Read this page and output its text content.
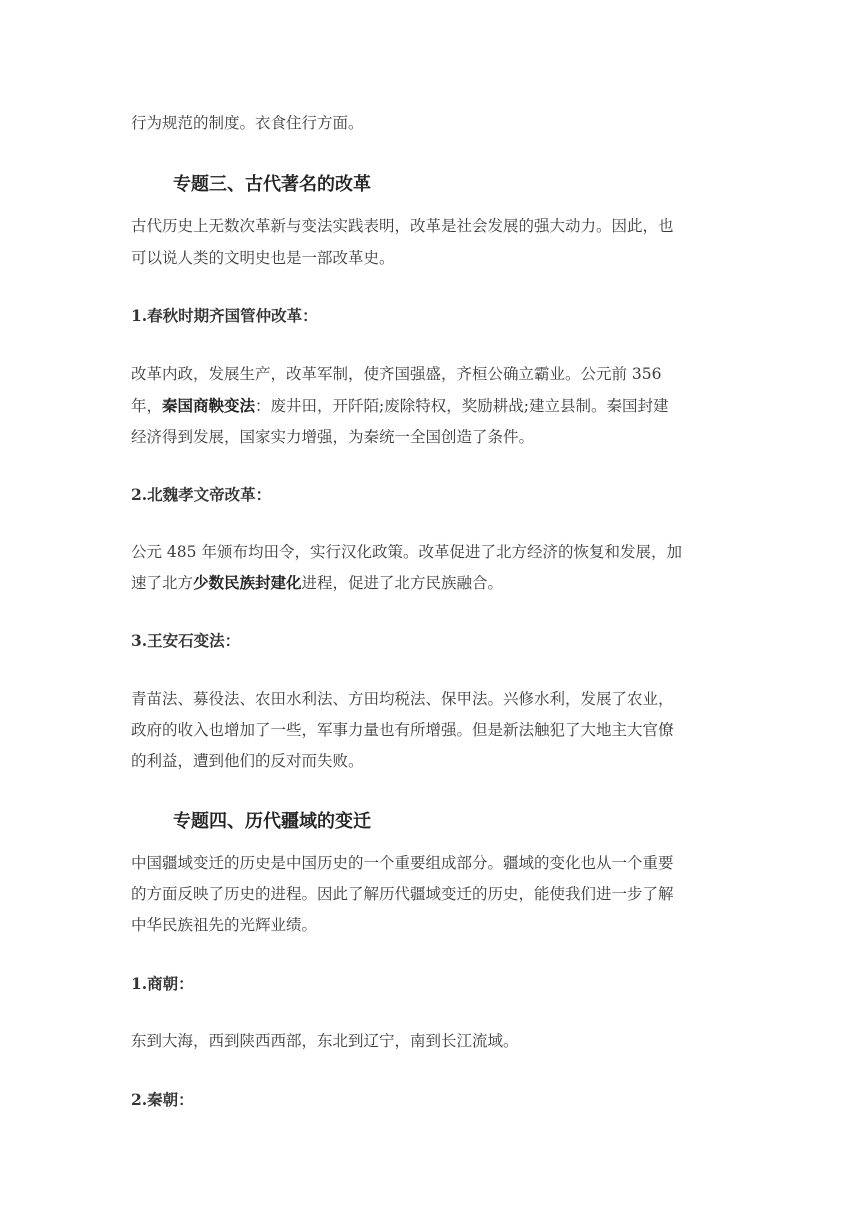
行为规范的制度。衣食住行方面。
专题三、古代著名的改革
古代历史上无数次革新与变法实践表明，改革是社会发展的强大动力。因此，也
可以说人类的文明史也是一部改革史。
1.春秋时期齐国管仲改革：
改革内政，发展生产，改革军制，使齐国强盛，齐桓公确立霸业。公元前 356
年，秦国商鞅变法：废井田，开阡陌;废除特权，奖励耕战;建立县制。秦国封建
经济得到发展，国家实力增强，为秦统一全国创造了条件。
2.北魏孝文帝改革：
公元 485 年颁布均田令，实行汉化政策。改革促进了北方经济的恢复和发展，加
速了北方少数民族封建化进程，促进了北方民族融合。
3.王安石变法：
青苗法、募役法、农田水利法、方田均税法、保甲法。兴修水利，发展了农业，
政府的收入也增加了一些，军事力量也有所增强。但是新法触犯了大地主大官僚
的利益，遭到他们的反对而失败。
专题四、历代疆域的变迁
中国疆域变迁的历史是中国历史的一个重要组成部分。疆域的变化也从一个重要
的方面反映了历史的进程。因此了解历代疆域变迁的历史，能使我们进一步了解
中华民族祖先的光辉业绩。
1.商朝：
东到大海，西到陕西西部，东北到辽宁，南到长江流域。
2.秦朝：
